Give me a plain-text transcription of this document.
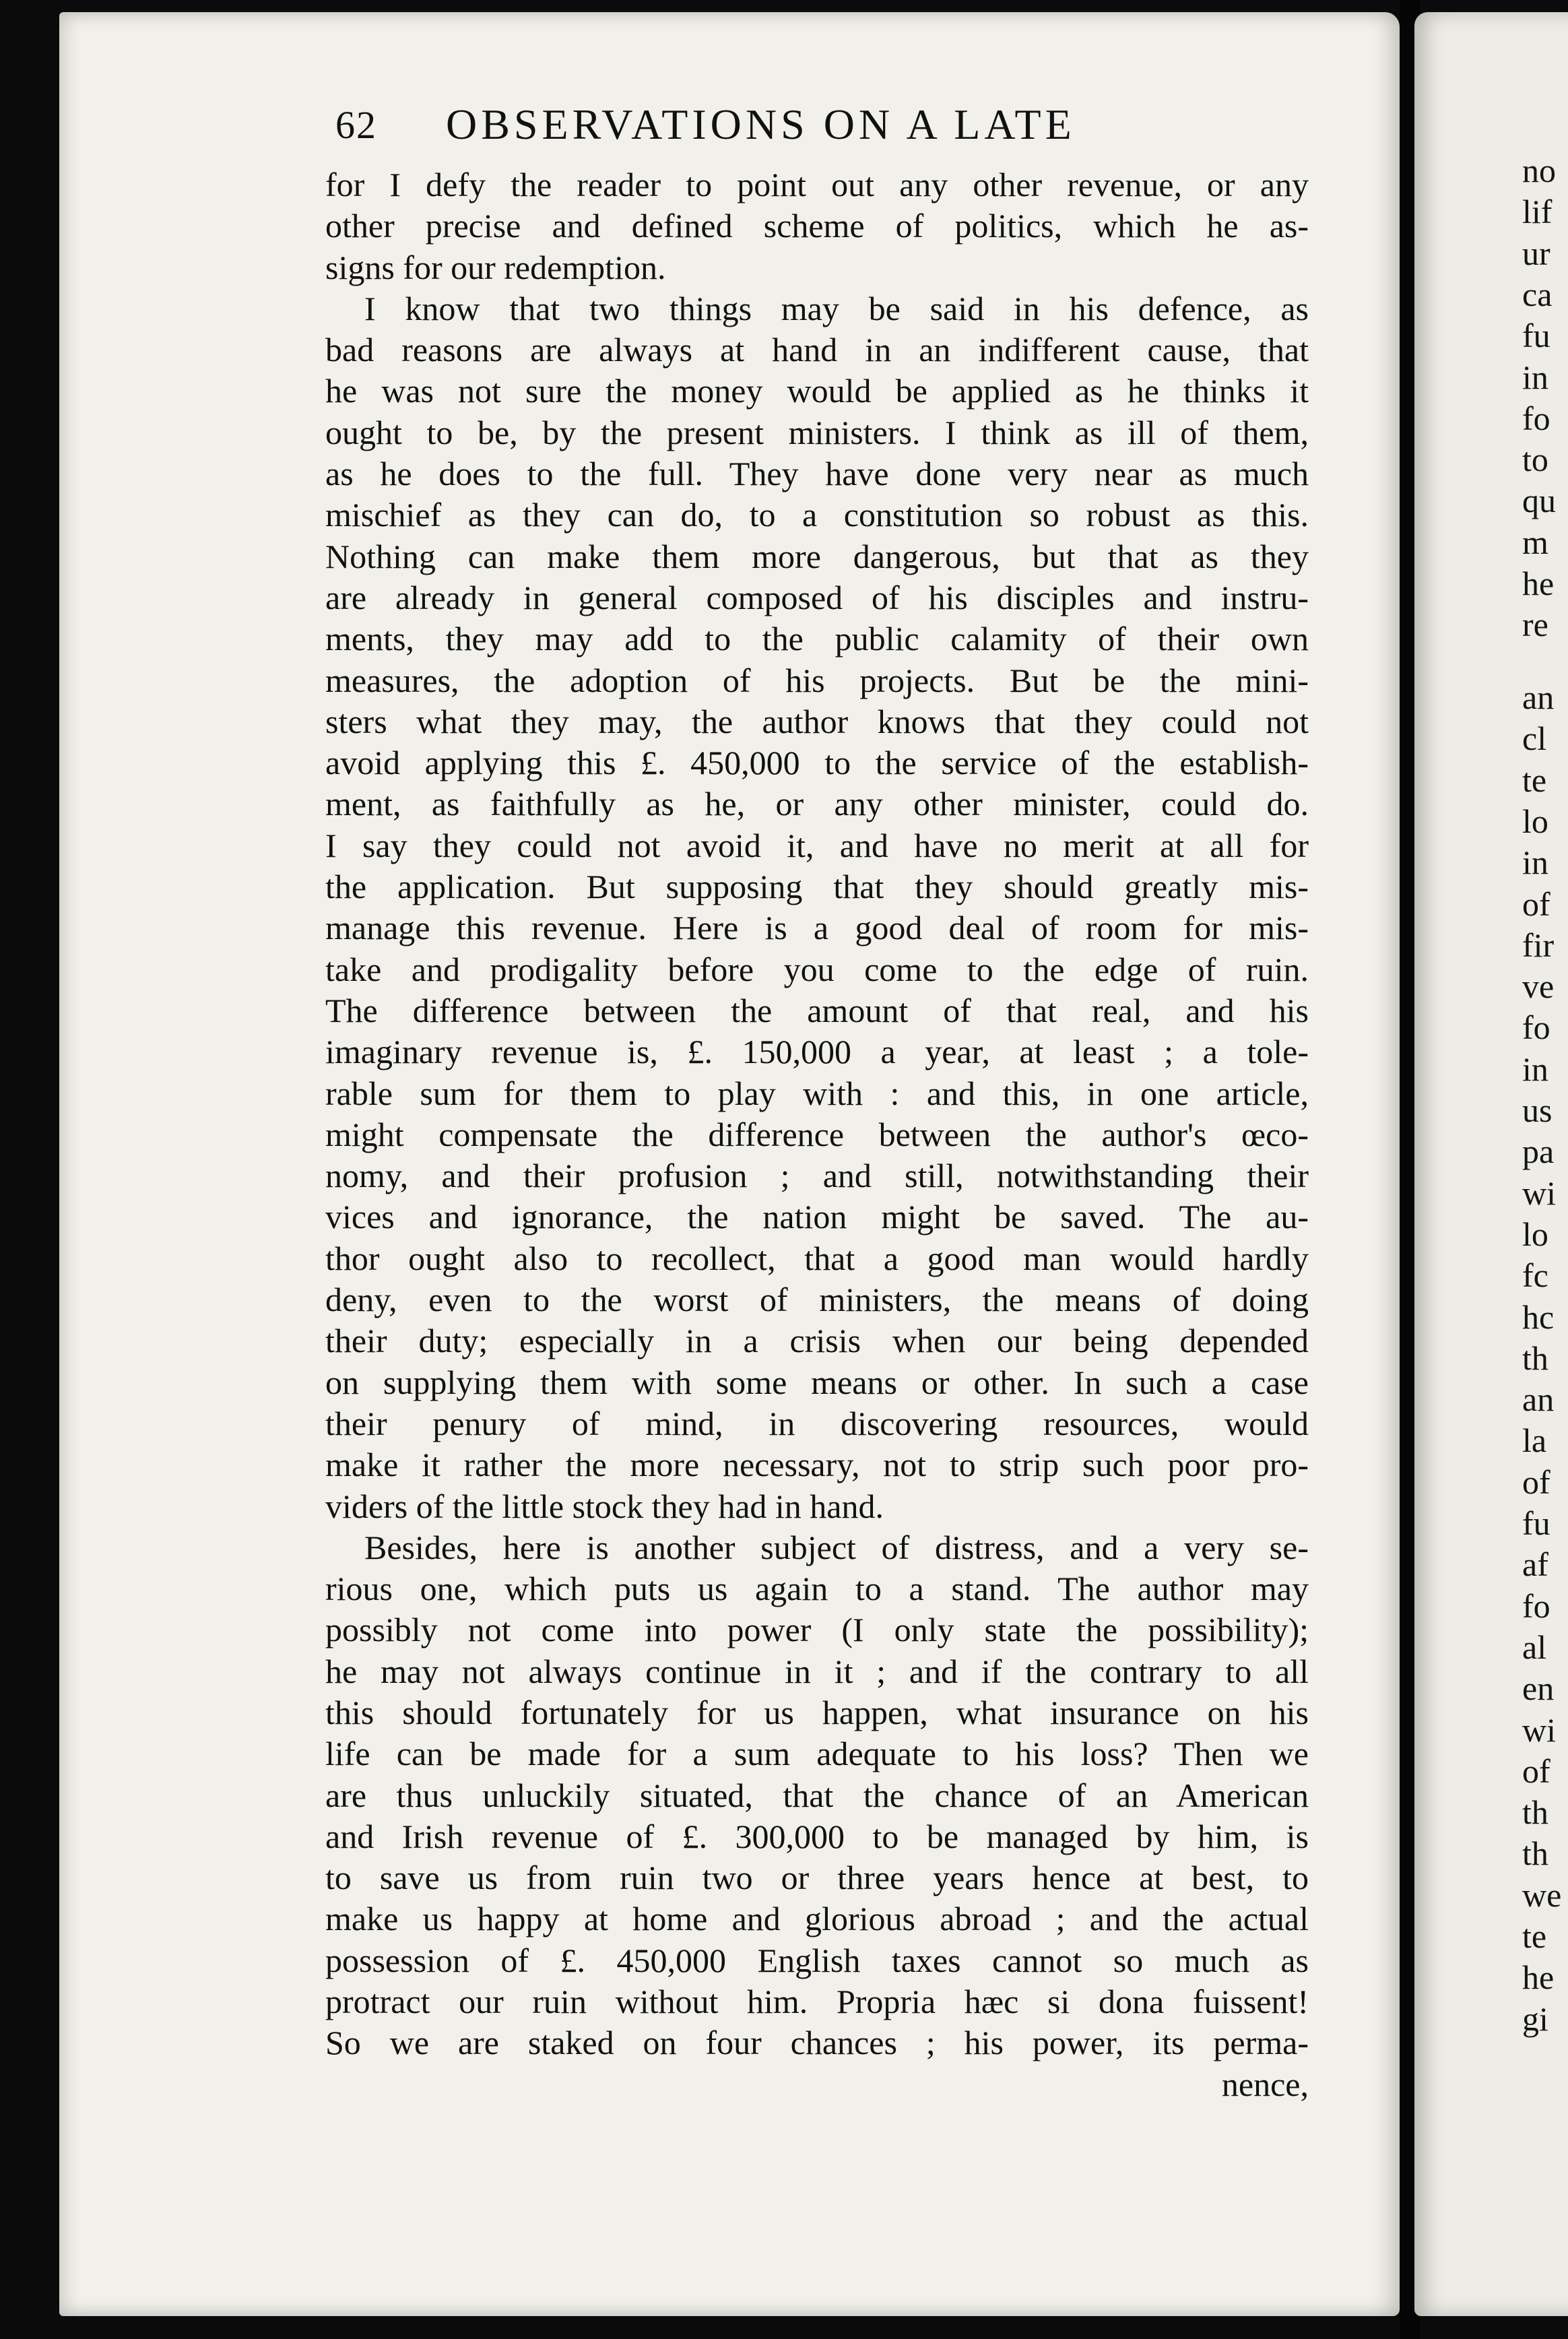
62 OBSERVATIONS ON A LATE
for I defy the reader to point out any other revenue, or any
other precise and defined scheme of politics, which he as-
signs for our redemption.
I know that two things may be said in his defence, as
bad reasons are always at hand in an indifferent cause, that
he was not sure the money would be applied as he thinks it
ought to be, by the present ministers. I think as ill of them,
as he does to the full. They have done very near as much
mischief as they can do, to a constitution so robust as this.
Nothing can make them more dangerous, but that as they
are already in general composed of his disciples and instru-
ments, they may add to the public calamity of their own
measures, the adoption of his projects. But be the mini-
sters what they may, the author knows that they could not
avoid applying this £. 450,000 to the service of the establish-
ment, as faithfully as he, or any other minister, could do.
I say they could not avoid it, and have no merit at all for
the application. But supposing that they should greatly mis-
manage this revenue. Here is a good deal of room for mis-
take and prodigality before you come to the edge of ruin.
The difference between the amount of that real, and his
imaginary revenue is, £. 150,000 a year, at least ; a tole-
rable sum for them to play with : and this, in one article,
might compensate the difference between the author's œco-
nomy, and their profusion ; and still, notwithstanding their
vices and ignorance, the nation might be saved. The au-
thor ought also to recollect, that a good man would hardly
deny, even to the worst of ministers, the means of doing
their duty; especially in a crisis when our being depended
on supplying them with some means or other. In such a case
their penury of mind, in discovering resources, would
make it rather the more necessary, not to strip such poor pro-
viders of the little stock they had in hand.
Besides, here is another subject of distress, and a very se-
rious one, which puts us again to a stand. The author may
possibly not come into power (I only state the possibility);
he may not always continue in it ; and if the contrary to all
this should fortunately for us happen, what insurance on his
life can be made for a sum adequate to his loss? Then we
are thus unluckily situated, that the chance of an American
and Irish revenue of £. 300,000 to be managed by him, is
to save us from ruin two or three years hence at best, to
make us happy at home and glorious abroad ; and the actual
possession of £. 450,000 English taxes cannot so much as
protract our ruin without him. Propria hæc si dona fuissent!
So we are staked on four chances ; his power, its perma-
nence,
no
lif
ur
ca
fu
in
fo
to
qu
m
he
re
an
cl
te
lo
in
of
fir
ve
fo
in
us
pa
wi
lo
fc
hc
th
an
la
of
fu
af
fo
al
en
wi
of
th
th
we
te
he
gi
